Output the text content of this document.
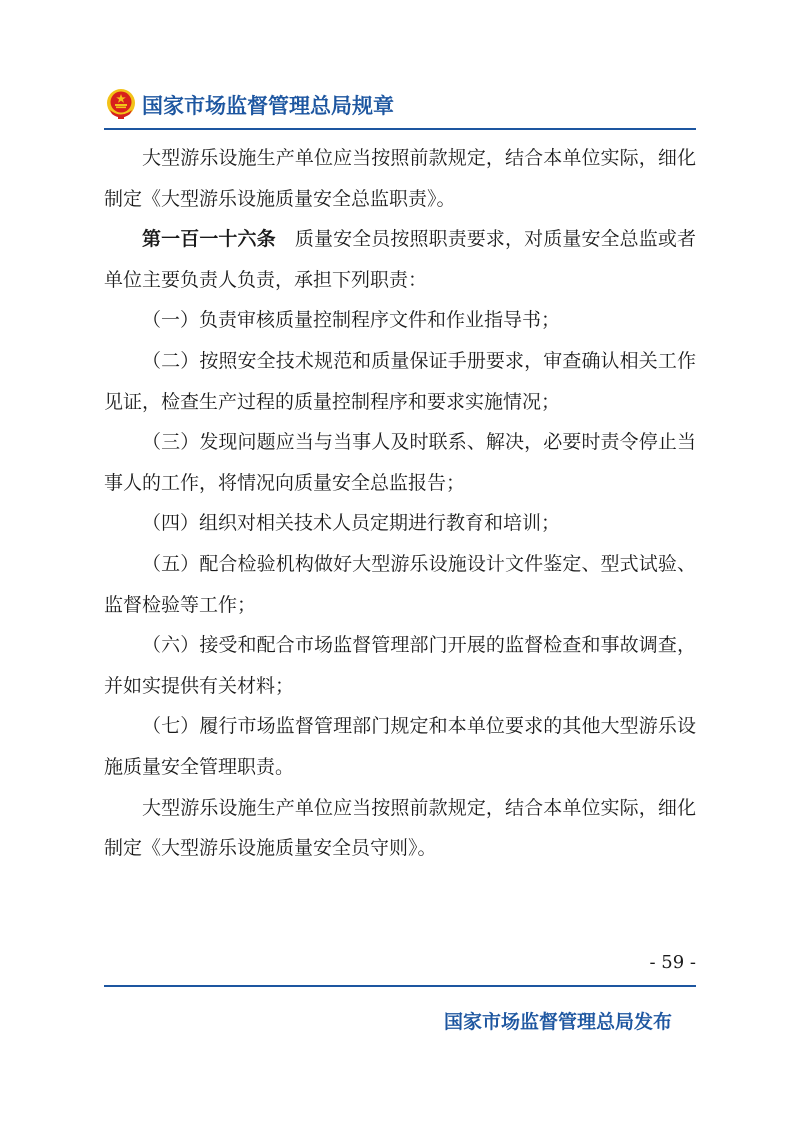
国家市场监督管理总局规章

大型游乐设施生产单位应当按照前款规定，结合本单位实际，细化制定《大型游乐设施质量安全总监职责》。

第一百一十六条　质量安全员按照职责要求，对质量安全总监或者单位主要负责人负责，承担下列职责：

（一）负责审核质量控制程序文件和作业指导书；

（二）按照安全技术规范和质量保证手册要求，审查确认相关工作见证，检查生产过程的质量控制程序和要求实施情况；

（三）发现问题应当与当事人及时联系、解决，必要时责令停止当事人的工作，将情况向质量安全总监报告；

（四）组织对相关技术人员定期进行教育和培训；

（五）配合检验机构做好大型游乐设施设计文件鉴定、型式试验、监督检验等工作；

（六）接受和配合市场监督管理部门开展的监督检查和事故调查，并如实提供有关材料；

（七）履行市场监督管理部门规定和本单位要求的其他大型游乐设施质量安全管理职责。

大型游乐设施生产单位应当按照前款规定，结合本单位实际，细化制定《大型游乐设施质量安全员守则》。

- 59 -
国家市场监督管理总局发布
